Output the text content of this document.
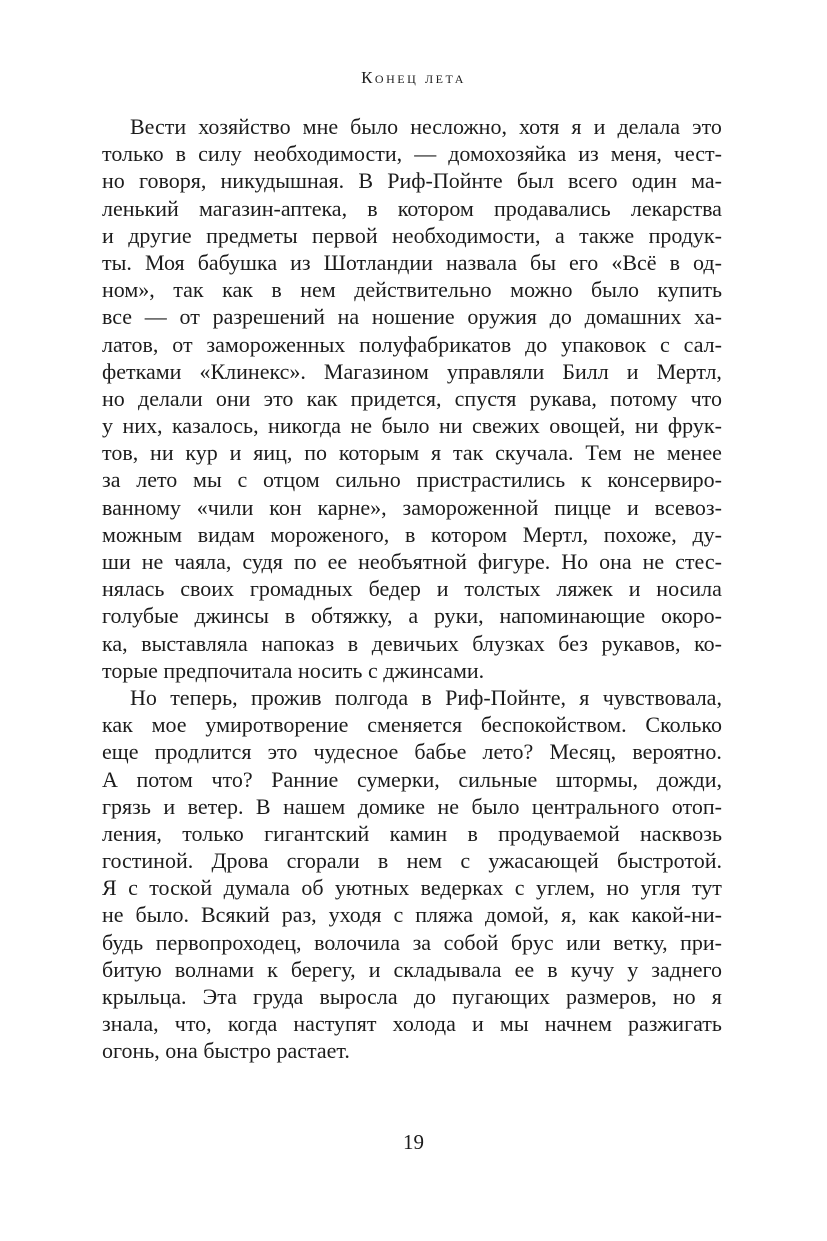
Конец лета
Вести хозяйство мне было несложно, хотя я и делала это
только в силу необходимости, — домохозяйка из меня, чест-
но говоря, никудышная. В Риф-Пойнте был всего один ма-
ленький магазин-аптека, в котором продавались лекарства
и другие предметы первой необходимости, а также продук-
ты. Моя бабушка из Шотландии назвала бы его «Всё в од-
ном», так как в нем действительно можно было купить
все — от разрешений на ношение оружия до домашних ха-
латов, от замороженных полуфабрикатов до упаковок с сал-
фетками «Клинекс». Магазином управляли Билл и Мертл,
но делали они это как придется, спустя рукава, потому что
у них, казалось, никогда не было ни свежих овощей, ни фрук-
тов, ни кур и яиц, по которым я так скучала. Тем не менее
за лето мы с отцом сильно пристрастились к консервиро-
ванному «чили кон карне», замороженной пицце и всевоз-
можным видам мороженого, в котором Мертл, похоже, ду-
ши не чаяла, судя по ее необъятной фигуре. Но она не стес-
нялась своих громадных бедер и толстых ляжек и носила
голубые джинсы в обтяжку, а руки, напоминающие окоро-
ка, выставляла напоказ в девичьих блузках без рукавов, ко-
торые предпочитала носить с джинсами.
Но теперь, прожив полгода в Риф-Пойнте, я чувствовала,
как мое умиротворение сменяется беспокойством. Сколько
еще продлится это чудесное бабье лето? Месяц, вероятно.
А потом что? Ранние сумерки, сильные штормы, дожди,
грязь и ветер. В нашем домике не было центрального отоп-
ления, только гигантский камин в продуваемой насквозь
гостиной. Дрова сгорали в нем с ужасающей быстротой.
Я с тоской думала об уютных ведерках с углем, но угля тут
не было. Всякий раз, уходя с пляжа домой, я, как какой-ни-
будь первопроходец, волочила за собой брус или ветку, при-
битую волнами к берегу, и складывала ее в кучу у заднего
крыльца. Эта груда выросла до пугающих размеров, но я
знала, что, когда наступят холода и мы начнем разжигать
огонь, она быстро растает.
19
